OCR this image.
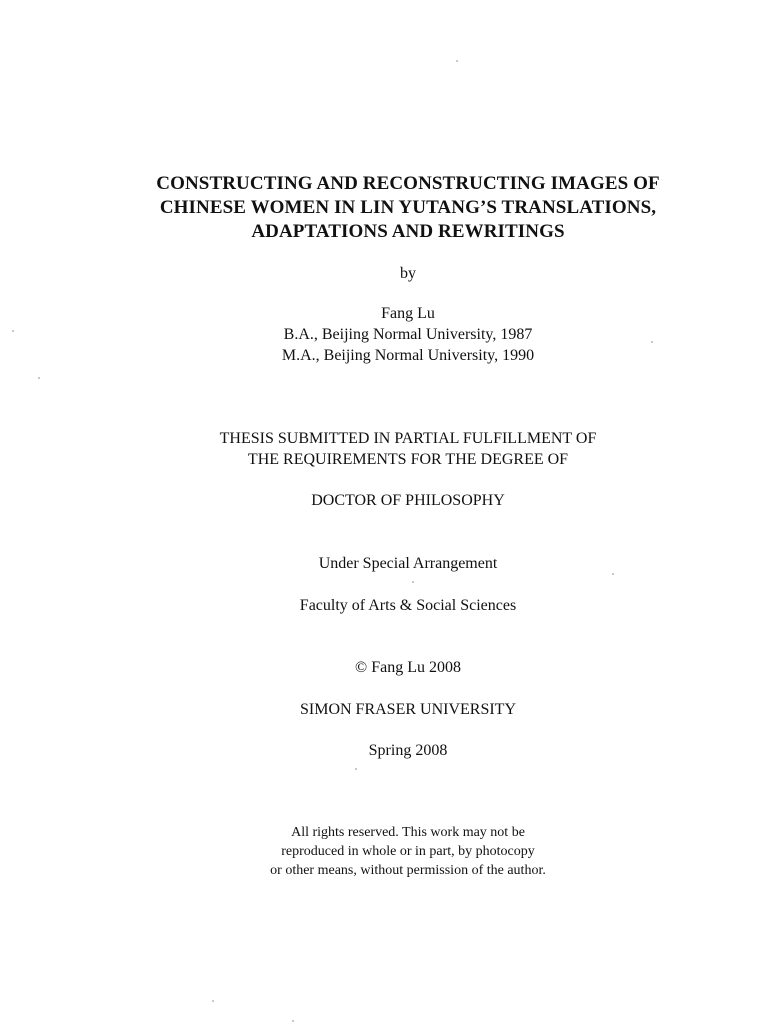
CONSTRUCTING AND RECONSTRUCTING IMAGES OF
CHINESE WOMEN IN LIN YUTANG’S TRANSLATIONS,
ADAPTATIONS AND REWRITINGS
by
Fang Lu
B.A., Beijing Normal University, 1987
M.A., Beijing Normal University, 1990
THESIS SUBMITTED IN PARTIAL FULFILLMENT OF
THE REQUIREMENTS FOR THE DEGREE OF
DOCTOR OF PHILOSOPHY
Under Special Arrangement
Faculty of Arts & Social Sciences
© Fang Lu 2008
SIMON FRASER UNIVERSITY
Spring 2008
All rights reserved. This work may not be
reproduced in whole or in part, by photocopy
or other means, without permission of the author.
